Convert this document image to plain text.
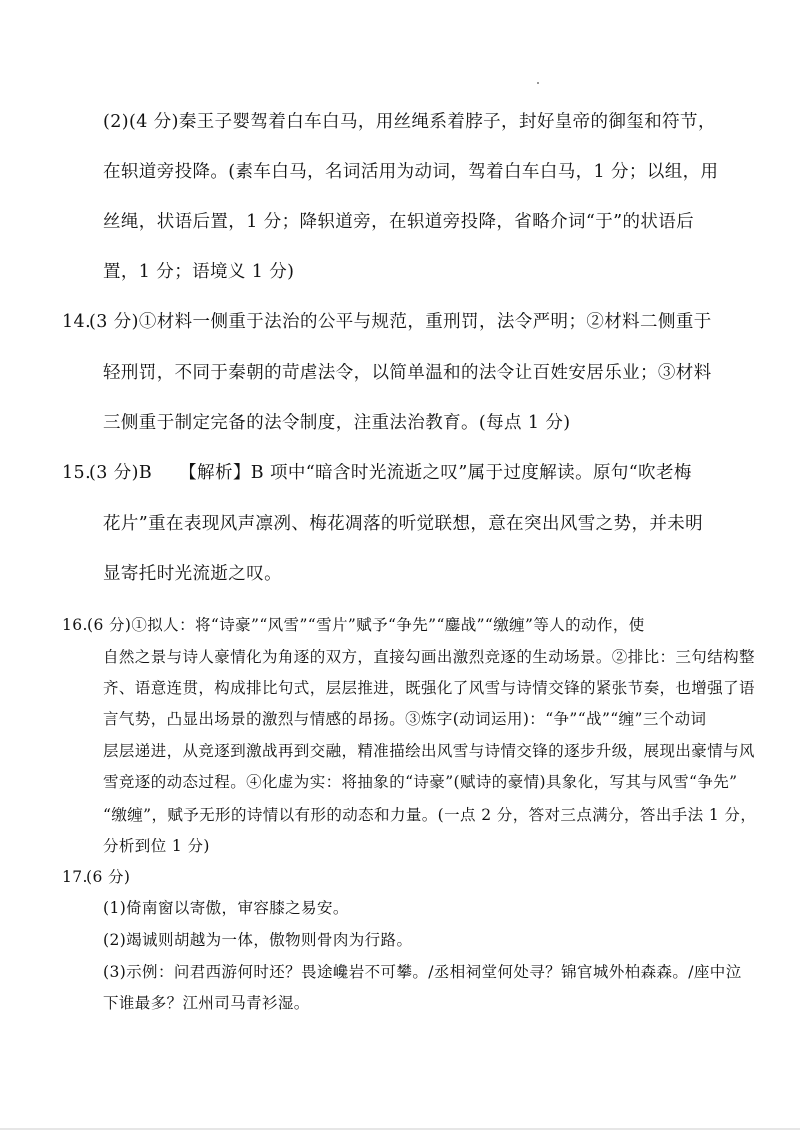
(2)(4 分)秦王子婴驾着白车白马，用丝绳系着脖子，封好皇帝的御玺和符节，

在轵道旁投降。(素车白马，名词活用为动词，驾着白车白马，1 分；以组，用

丝绳，状语后置，1 分；降轵道旁，在轵道旁投降，省略介词“于”的状语后

置，1 分；语境义 1 分)

14.

(3 分)①材料一侧重于法治的公平与规范，重刑罚，法令严明；②材料二侧重于

轻刑罚，不同于秦朝的苛虐法令，以简单温和的法令让百姓安居乐业；③材料

三侧重于制定完备的法令制度，注重法治教育。(每点 1 分)

15.

(3 分)B　　【解析】B 项中“暗含时光流逝之叹”属于过度解读。原句“吹老梅

花片”重在表现风声凛冽、梅花凋落的听觉联想，意在突出风雪之势，并未明

显寄托时光流逝之叹。

16. (6 分)①拟人：将“诗豪”“风雪”“雪片”赋予“争先”“鏖战”“缴缠”等人的动作，使

自然之景与诗人豪情化为角逐的双方，直接勾画出激烈竞逐的生动场景。②排比：三句结构整

齐、语意连贯，构成排比句式，层层推进，既强化了风雪与诗情交锋的紧张节奏，也增强了语

言气势，凸显出场景的激烈与情感的昂扬。③炼字(动词运用)：“争”“战”“缠”三个动词

层层递进，从竞逐到激战再到交融，精准描绘出风雪与诗情交锋的逐步升级，展现出豪情与风

雪竞逐的动态过程。④化虚为实：将抽象的“诗豪”(赋诗的豪情)具象化，写其与风雪“争先”

“缴缠”，赋予无形的诗情以有形的动态和力量。(一点 2 分，答对三点满分，答出手法 1 分，

分析到位 1 分)

17.

(6 分)

(1)倚南窗以寄傲，审容膝之易安。

(2)竭诚则胡越为一体，傲物则骨肉为行路。

(3)示例：问君西游何时还？畏途巉岩不可攀。/丞相祠堂何处寻？锦官城外柏森森。/座中泣

下谁最多？江州司马青衫湿。
